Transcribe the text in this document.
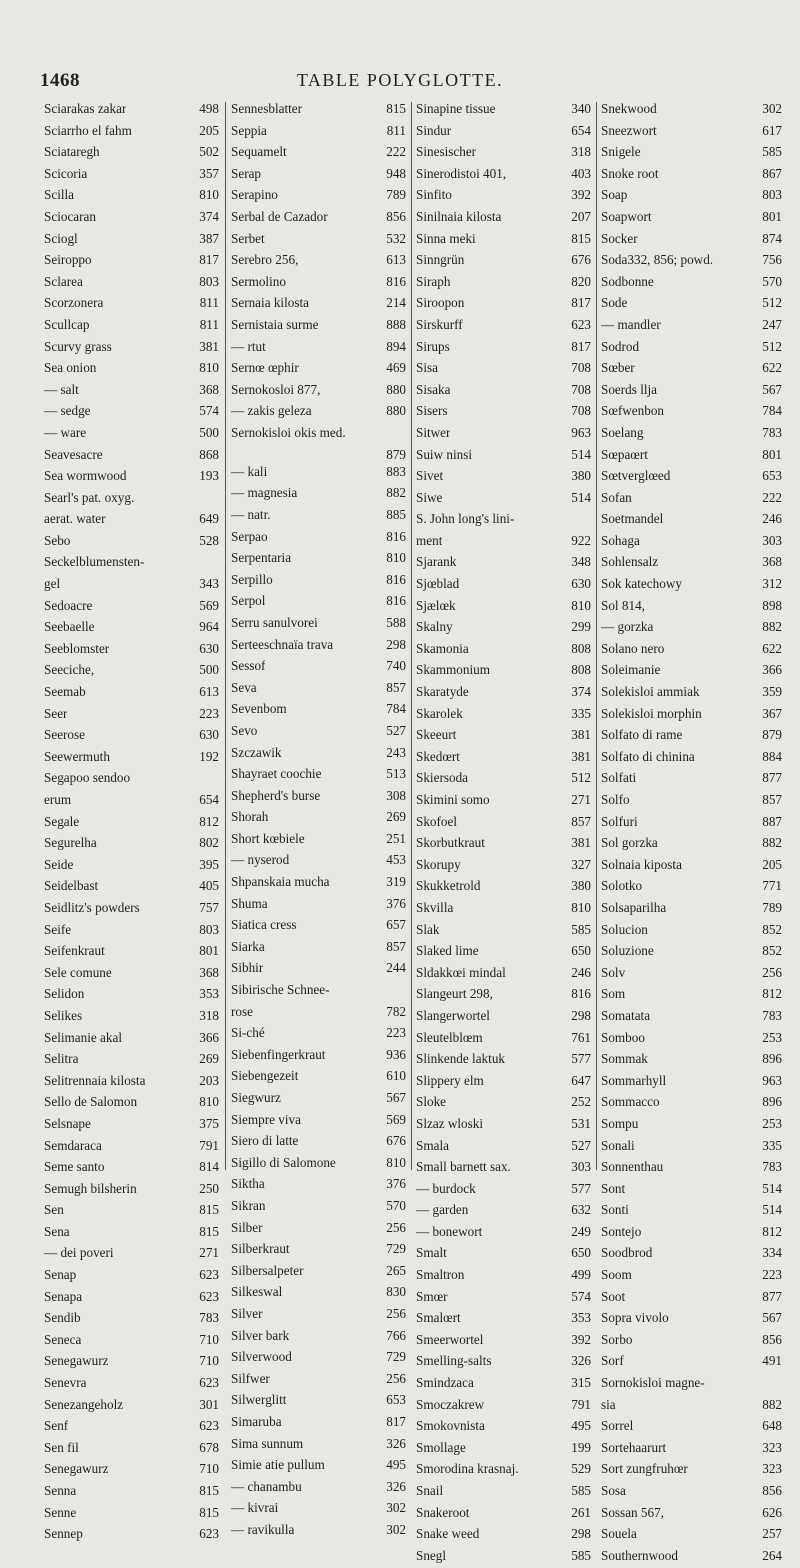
1468	TABLE POLYGLOTTE.
Sciarakas zakar	498
Sciarrho el fahm	205
Sciataregh	502
Scicoria	357
Scilla	810
Sciocaran	374
Sciogl	387
Seiroppo	817
Sclarea	803
Scorzonera	811
Scullcap	811
Scurvy grass	381
Sea onion	810
— salt	368
— sedge	574
— ware	500
Seavesacre	868
Sea wormwood	193
Searl's pat. oxyg.
aerat. water	649
Sebo	528
Seckelblumensten-
gel	343
Sedoacre	569
Seebaelle	964
Seeblomster	630
Seeciche,	500
Seemab	613
Seer	223
Seerose	630
Seewermuth	192
Segapoo sendoo
erum	654
Segale	812
Segurelha	802
Seide	395
Seidelbast	405
Seidlitz's powders	757
Seife	803
Seifenkraut	801
Sele comune	368
Selidon	353
Selikes	318
Selimanie akal	366
Selitra	269
Selitrennaia kilosta	203
Sello de Salomon	810
Selsnape	375
Semdaraca	791
Seme santo	814
Semugh bilsherin	250
Sen	815
Sena	815
— dei poveri	271
Senap	623
Senapa	623
Sendib	783
Seneca	710
Senegawurz	710
Senevra	623
Senezangeholz	301
Senf	623
Sen fil	678
Senegawurz	710
Senna	815
Senne	815
Sennep	623
Sennesblatter	815
Seppia	811
Sequamelt	222
Serap	948
Serapino	789
Serbal de Cazador	856
Serbet	532
Serebro 256,	613
Sermolino	816
Sernaia kilosta	214
Sernistaia surme	888
— rtut	894
Sernœ œphir	469
Sernokosloi 877,	880
— zakis geleza	880
Sernokisloi okis med.
879
— kali	883
— magnesia	882
— natr.	885
Serpao	816
Serpentaria	810
Serpillo	816
Serpol	816
Serru sanulvorei	588
Serteeschnaïa trava	298
Sessof	740
Seva	857
Sevenbom	784
Sevo	527
Szczawik	243
Shayraet coochie	513
Shepherd's burse	308
Shorah	269
Short kœbiele	251
— nyserod	453
Shpanskaia mucha	319
Shuma	376
Siatica cress	657
Siarka	857
Sibhir	244
Sibirische Schnee-
rose	782
Si-ché	223
Siebenfingerkraut	936
Siebengezeit	610
Siegwurz	567
Siempre viva	569
Siero di latte	676
Sigillo di Salomone	810
Siktha	376
Sikran	570
Silber	256
Silberkraut	729
Silbersalpeter	265
Silkeswal	830
Silver	256
Silver bark	766
Silverwood	729
Silfwer	256
Silwerglitt	653
Simaruba	817
Sima sunnum	326
Simie atie pullum	495
— chanambu	326
— kivrai	302
— ravikulla	302
Sinapine tissue	340
Sindur	654
Sinesischer	318
Sinerodistoi 401,	403
Sinfito	392
Sinilnaia kilosta	207
Sinna meki	815
Sinngrün	676
Siraph	820
Siroopon	817
Sirskurff	623
Sirups	817
Sisa	708
Sisaka	708
Sisers	708
Sitwer	963
Suiw ninsi	514
Sivet	380
Siwe	514
S. John long's lini-
ment	922
Sjarank	348
Sjœblad	630
Sjælœk	810
Skalny	299
Skamonia	808
Skammonium	808
Skaratyde	374
Skarolek	335
Skeeurt	381
Skedœrt	381
Skiersoda	512
Skimini somo	271
Skofoel	857
Skorbutkraut	381
Skorupy	327
Skukketrold	380
Skvilla	810
Slak	585
Slaked lime	650
Sldakkœi mindal	246
Slangeurt 298,	816
Slangerwortel	298
Sleutelblœm	761
Slinkende laktuk	577
Slippery elm	647
Sloke	252
Slzaz wloski	531
Smala	527
Small barnett sax.	303
— burdock	577
— garden	632
— bonewort	249
Smalt	650
Smaltron	499
Smœr	574
Smalœrt	353
Smeerwortel	392
Smelling-salts	326
Smindzaca	315
Smoczakrew	791
Smokovnista	495
Smollage	199
Smorodina krasnaj.	529
Snail	585
Snakeroot	261
Snake weed	298
Snegl	585
Snekwood	302
Sneezwort	617
Snigele	585
Snoke root	867
Soap	803
Soapwort	801
Socker	874
Soda332, 856; powd.	756
Sodbonne	570
Sode	512
— mandler	247
Sodrod	512
Sœber	622
Soerds llja	567
Sœfwenbon	784
Soelang	783
Sœpaœrt	801
Sœtverglœed	653
Sofan	222
Soetmandel	246
Sohaga	303
Sohlensalz	368
Sok katechowy	312
Sol 814,	898
— gorzka	882
Solano nero	622
Soleimanie	366
Solekisloi ammiak	359
Solekisloi morphin	367
Solfato di rame	879
Solfato di chinina	884
Solfati	877
Solfo	857
Solfuri	887
Sol gorzka	882
Solnaia kiposta	205
Solotko	771
Solsaparilha	789
Solucion	852
Soluzione	852
Solv	256
Som	812
Somatata	783
Somboo	253
Sommak	896
Sommarhyll	963
Sommacco	896
Sompu	253
Sonali	335
Sonnenthau	783
Sont	514
Sonti	514
Sontejo	812
Soodbrod	334
Soom	223
Soot	877
Sopra vivolo	567
Sorbo	856
Sorf	491
Sornokisloi magne-
sia	882
Sorrel	648
Sortehaarurt	323
Sort zungfruhœr	323
Sosa	856
Sossan 567,	626
Souela	257
Southernwood	264
